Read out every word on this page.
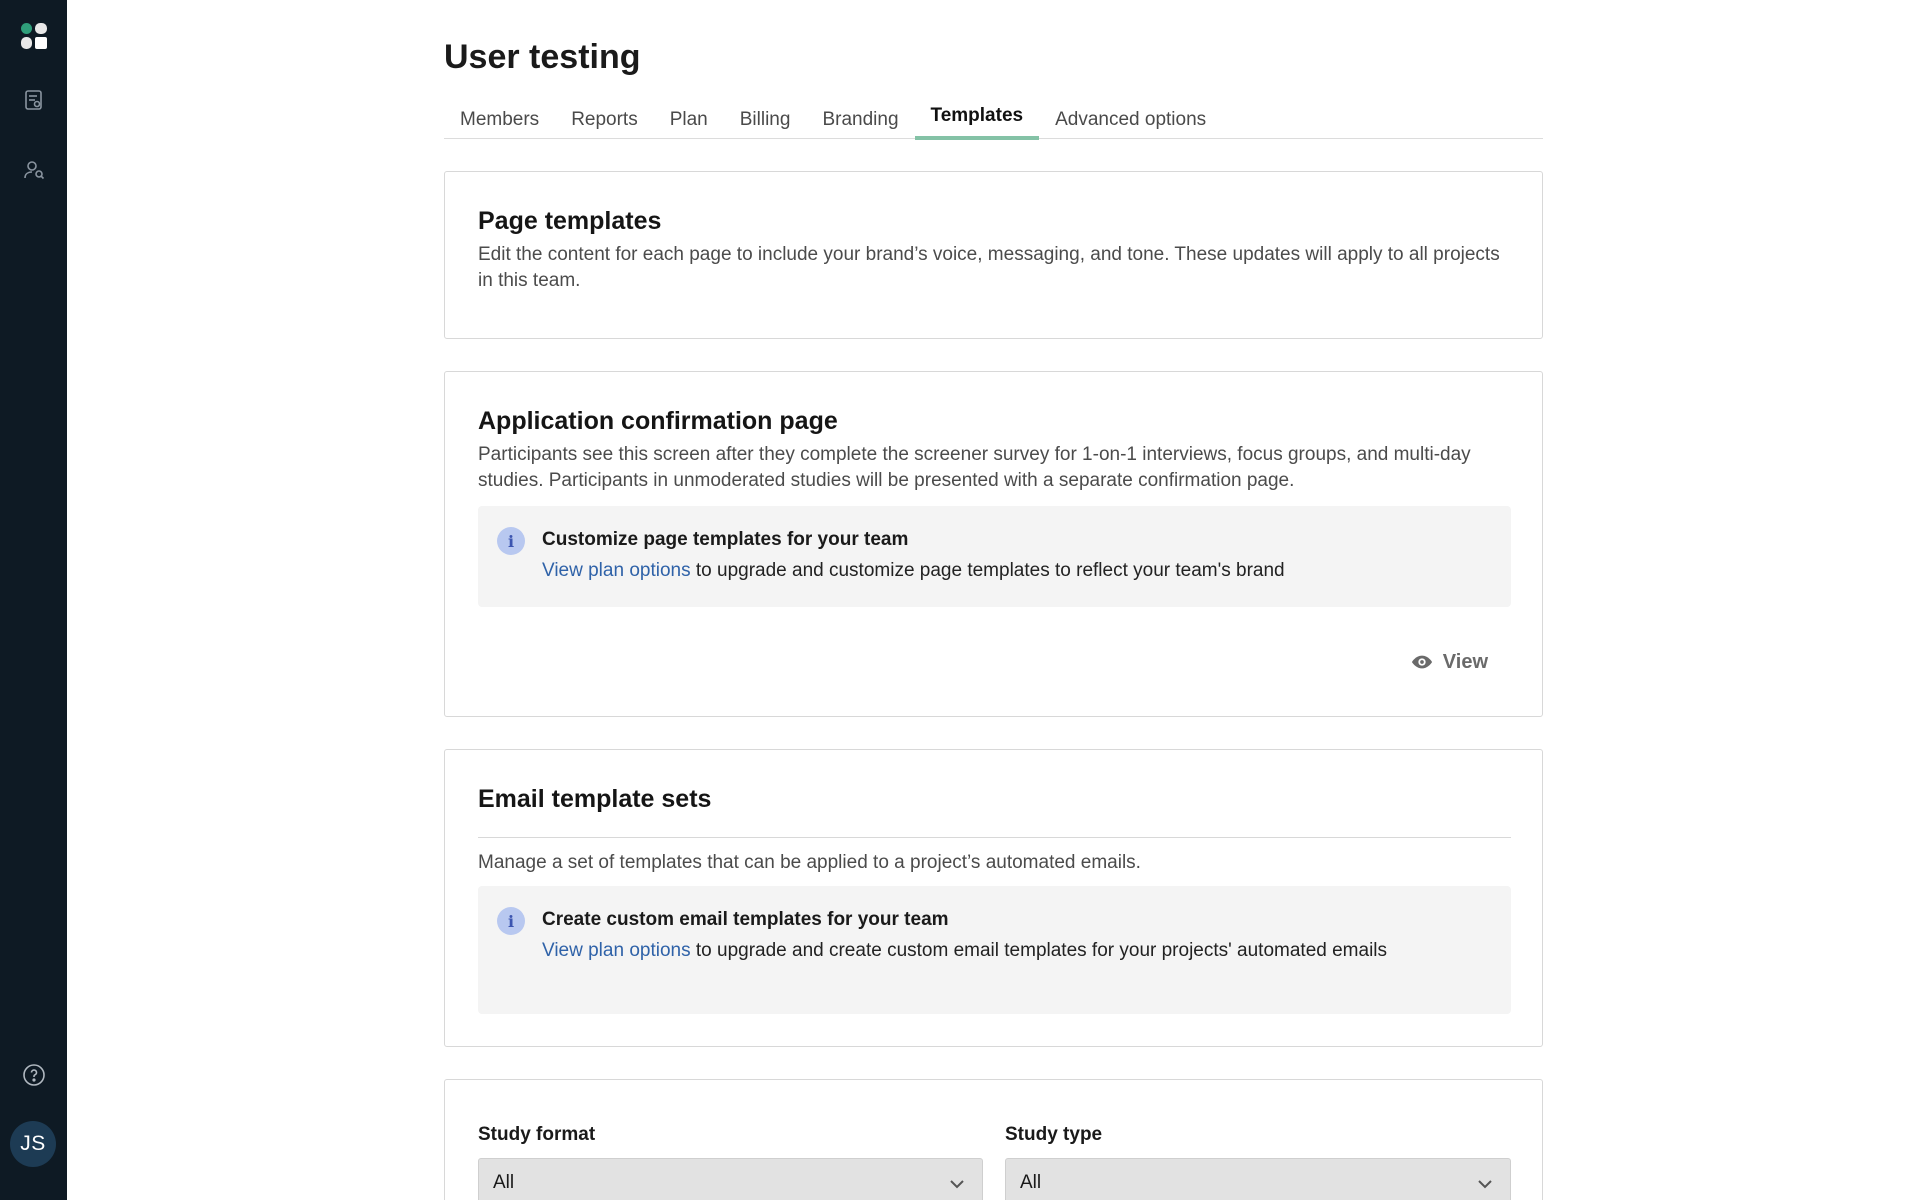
JS
User testing
Members	Reports	Plan	Billing	Branding	Templates	Advanced options
Page templates

Edit the content for each page to include your brand’s voice, messaging, and tone. These updates will apply to all projects in this team.

Application confirmation page

Participants see this screen after they complete the screener survey for 1-on-1 interviews, focus groups, and multi-day studies. Participants in unmoderated studies will be presented with a separate confirmation page.

i	Customize page templates for your team
View plan options to upgrade and customize page templates to reflect your team's brand
View
Email template sets

Manage a set of templates that can be applied to a project’s automated emails.

i	Create custom email templates for your team
View plan options to upgrade and create custom email templates for your projects' automated emails
Study format
All
Study type
All
